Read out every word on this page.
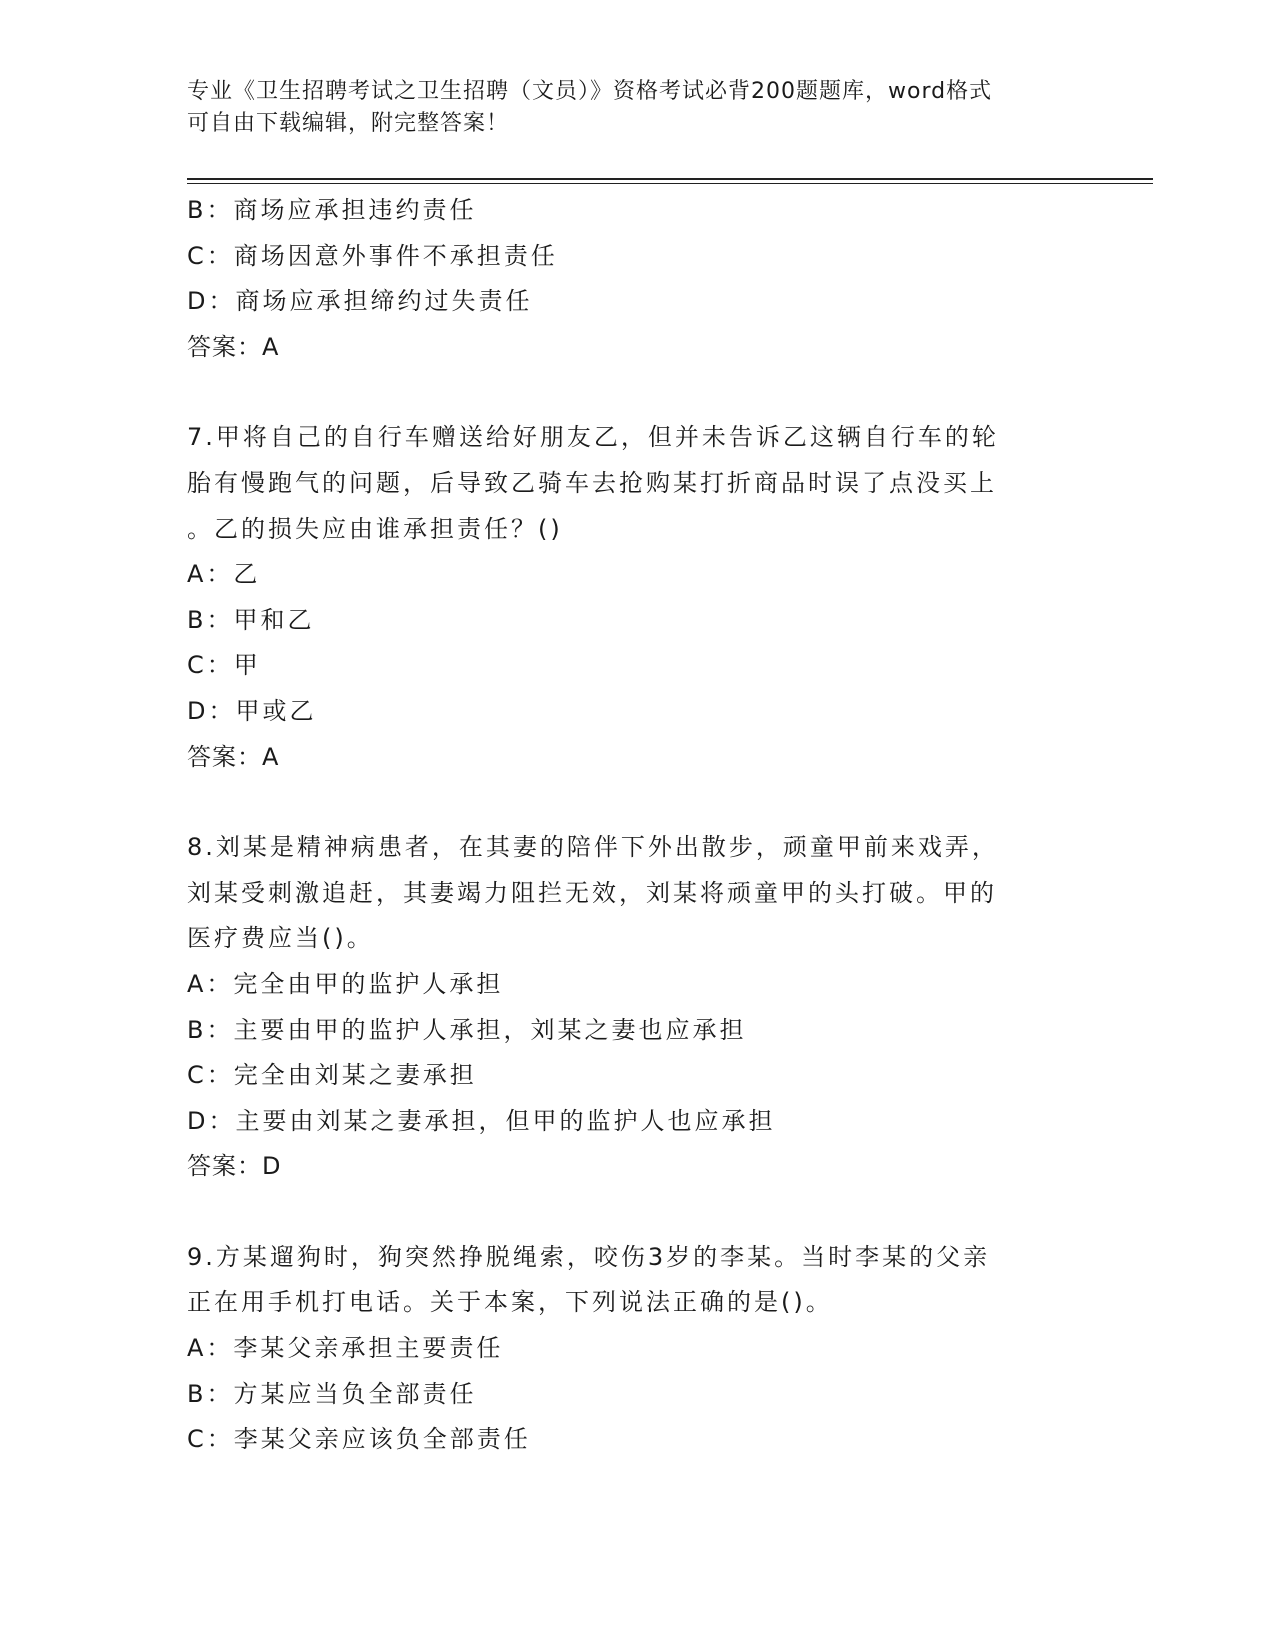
专业《卫生招聘考试之卫生招聘（文员）》资格考试必背200题题库，word格式
可自由下载编辑，附完整答案！
B：商场应承担违约责任
C：商场因意外事件不承担责任
D：商场应承担缔约过失责任
答案：A
7.甲将自己的自行车赠送给好朋友乙，但并未告诉乙这辆自行车的轮
胎有慢跑气的问题，后导致乙骑车去抢购某打折商品时误了点没买上
。乙的损失应由谁承担责任？()
A：乙
B：甲和乙
C：甲
D：甲或乙
答案：A
8.刘某是精神病患者，在其妻的陪伴下外出散步，顽童甲前来戏弄，
刘某受刺激追赶，其妻竭力阻拦无效，刘某将顽童甲的头打破。甲的
医疗费应当()。
A：完全由甲的监护人承担
B：主要由甲的监护人承担，刘某之妻也应承担
C：完全由刘某之妻承担
D：主要由刘某之妻承担，但甲的监护人也应承担
答案：D
9.方某遛狗时，狗突然挣脱绳索，咬伤3岁的李某。当时李某的父亲
正在用手机打电话。关于本案，下列说法正确的是()。
A：李某父亲承担主要责任
B：方某应当负全部责任
C：李某父亲应该负全部责任
